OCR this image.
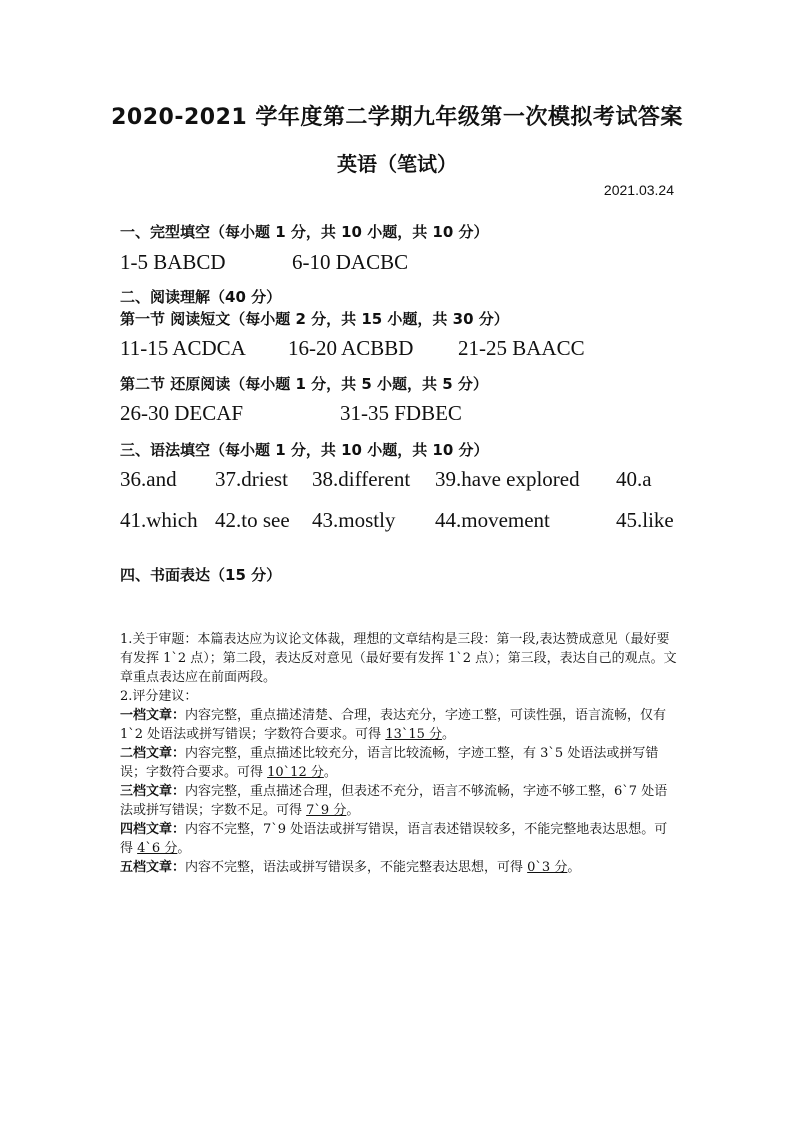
2020-2021 学年度第二学期九年级第一次模拟考试答案
英语（笔试）
2021.03.24
一、完型填空（每小题 1 分，共 10 小题，共 10 分）
1-5 BABCD	6-10 DACBC
二、阅读理解（40 分）
第一节 阅读短文（每小题 2 分，共 15 小题，共 30 分）
11-15 ACDCA 16-20 ACBBD 21-25 BAACC
第二节 还原阅读（每小题 1 分，共 5 小题，共 5 分）
26-30 DECAF	31-35 FDBEC
三、语法填空（每小题 1 分，共 10 小题，共 10 分）
36.and 37.driest 38.different 39.have explored 40.a
41.which 42.to see 43.mostly 44.movement	45.like
四、书面表达（15 分）

1.关于审题：本篇表达应为议论文体裁，理想的文章结构是三段：第一段,表达赞成意见（最好要有发挥 1`2 点）；第二段，表达反对意见（最好要有发挥 1`2 点）；第三段，表达自己的观点。文章重点表达应在前面两段。

2.评分建议：

一档文章：内容完整，重点描述清楚、合理，表达充分，字迹工整，可读性强，语言流畅，仅有 1`2 处语法或拼写错误；字数符合要求。可得 13`15 分。

二档文章：内容完整，重点描述比较充分，语言比较流畅，字迹工整，有 3`5 处语法或拼写错误；字数符合要求。可得 10`12 分。

三档文章：内容完整，重点描述合理，但表述不充分，语言不够流畅，字迹不够工整，6`7 处语法或拼写错误；字数不足。可得 7`9 分。

四档文章：内容不完整，7`9 处语法或拼写错误，语言表述错误较多，不能完整地表达思想。可得 4`6 分。

五档文章：内容不完整，语法或拼写错误多，不能完整表达思想，可得 0`3 分。
